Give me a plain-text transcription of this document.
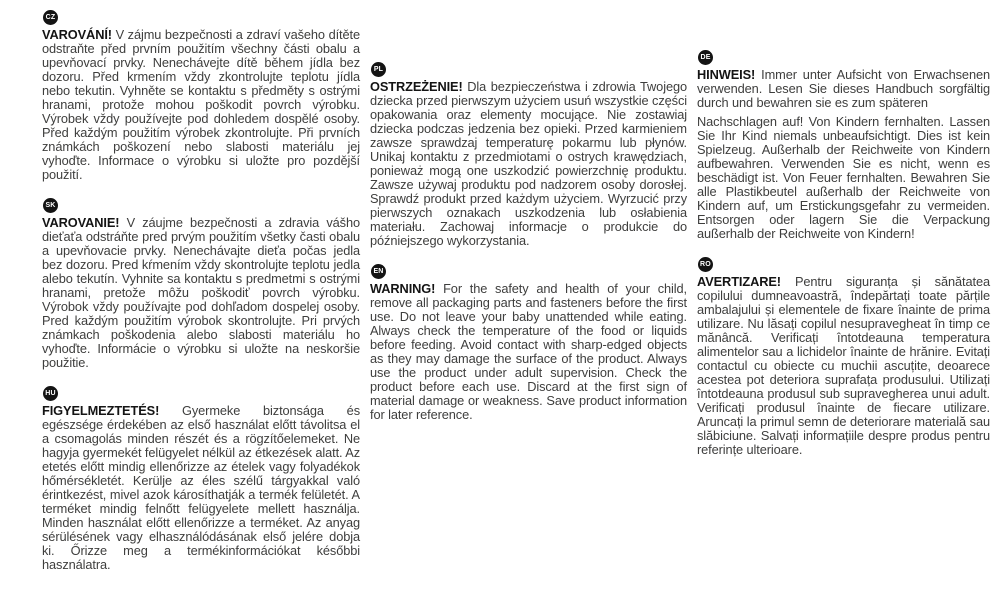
CZ

VAROVÁNÍ! V zájmu bezpečnosti a zdraví vašeho dítěte odstraňte před prvním použitím všechny části obalu a upevňovací prvky. Nenechávejte dítě během jídla bez dozoru. Před krmením vždy zkontrolujte teplotu jídla nebo tekutin. Vyhněte se kontaktu s předměty s ostrými hranami, protože mohou poškodit povrch výrobku. Výrobek vždy používejte pod dohledem dospělé osoby. Před každým použitím výrobek zkontrolujte. Při prvních známkách poškození nebo slabosti materiálu jej vyhoďte. Informace o výrobku si uložte pro pozdější použití.

SK

VAROVANIE! V záujme bezpečnosti a zdravia vášho dieťaťa odstráňte pred prvým použitím všetky časti obalu a upevňovacie prvky. Nenechávajte dieťa počas jedla bez dozoru. Pred kŕmením vždy skontrolujte teplotu jedla alebo tekutín. Vyhnite sa kontaktu s predmetmi s ostrými hranami, pretože môžu poškodiť povrch výrobku. Výrobok vždy používajte pod dohľadom dospelej osoby. Pred každým použitím výrobok skontrolujte. Pri prvých známkach poškodenia alebo slabosti materiálu ho vyhoďte. Informácie o výrobku si uložte na neskoršie použitie.

HU

FIGYELMEZTETÉS! Gyermeke biztonsága és egészsége érdekében az első használat előtt távolitsa el a csomagolás minden részét és a rögzítőelemeket. Ne hagyja gyermekét felügyelet nélkül az étkezések alatt. Az etetés előtt mindig ellenőrizze az ételek vagy folyadékok hőmérsékletét. Kerülje az éles szélű tárgyakkal való érintkezést, mivel azok károsíthatják a termék felületét. A terméket mindig felnőtt felügyelete mellett használja. Minden használat előtt ellenőrizze a terméket. Az anyag sérülésének vagy elhasználódásának első jelére dobja ki. Őrizze meg a termékinformációkat későbbi használatra.

PL

OSTRZEŻENIE! Dla bezpieczeństwa i zdrowia Twojego dziecka przed pierwszym użyciem usuń wszystkie części opakowania oraz elementy mocujące. Nie zostawiaj dziecka podczas jedzenia bez opieki. Przed karmieniem zawsze sprawdzaj temperaturę pokarmu lub płynów. Unikaj kontaktu z przedmiotami o ostrych krawędziach, ponieważ mogą one uszkodzić powierzchnię produktu. Zawsze używaj produktu pod nadzorem osoby dorosłej. Sprawdź produkt przed każdym użyciem. Wyrzucić przy pierwszych oznakach uszkodzenia lub osłabienia materiału. Zachowaj informacje o produkcie do późniejszego wykorzystania.

EN

WARNING! For the safety and health of your child, remove all packaging parts and fasteners before the first use. Do not leave your baby unattended while eating. Always check the temperature of the food or liquids before feeding. Avoid contact with sharp-edged objects as they may damage the surface of the product. Always use the product under adult supervision. Check the product before each use. Discard at the first sign of material damage or weakness. Save product information for later reference.

DE

HINWEIS! Immer unter Aufsicht von Erwachsenen verwenden. Lesen Sie dieses Handbuch sorgfältig durch und bewahren sie es zum späteren

Nachschlagen auf! Von Kindern fernhalten. Lassen Sie Ihr Kind niemals unbeaufsichtigt. Dies ist kein Spielzeug. Außerhalb der Reichweite von Kindern aufbewahren. Verwenden Sie es nicht, wenn es beschädigt ist. Von Feuer fernhalten. Bewahren Sie alle Plastikbeutel außerhalb der Reichweite von Kindern auf, um Erstickungsgefahr zu vermeiden. Entsorgen oder lagern Sie die Verpackung außerhalb der Reichweite von Kindern!

RO

AVERTIZARE! Pentru siguranța și sănătatea copilului dumneavoastră, îndepărtați toate părțile ambalajului și elementele de fixare înainte de prima utilizare. Nu lăsați copilul nesupravegheat în timp ce mănâncă. Verificați întotdeauna temperatura alimentelor sau a lichidelor înainte de hrănire. Evitați contactul cu obiecte cu muchii ascuțite, deoarece acestea pot deteriora suprafața produsului. Utilizați întotdeauna produsul sub supravegherea unui adult. Verificați produsul înainte de fiecare utilizare. Aruncați la primul semn de deteriorare materială sau slăbiciune. Salvați informațiile despre produs pentru referințe ulterioare.
